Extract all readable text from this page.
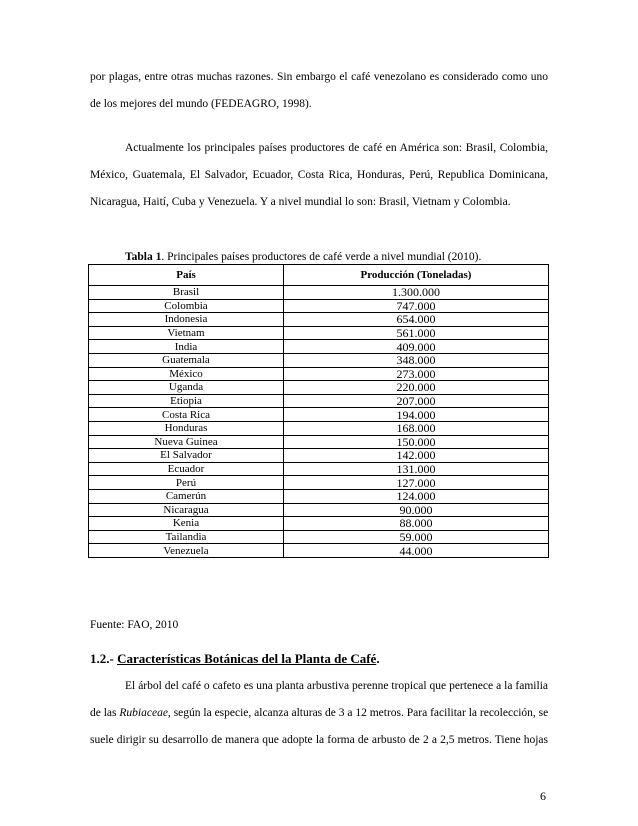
por plagas, entre otras muchas razones. Sin embargo el café venezolano es considerado como uno

de los mejores del mundo (FEDEAGRO, 1998).

Actualmente los principales países productores de café en América son: Brasil, Colombia,

México, Guatemala, El Salvador, Ecuador, Costa Rica, Honduras, Perú, Republica Dominicana,

Nicaragua, Haití, Cuba y Venezuela. Y a nivel mundial lo son: Brasil, Vietnam y Colombia.

Tabla 1. Principales países productores de café verde a nivel mundial (2010).
País	Producción (Toneladas)
Brasil	1.300.000
Colombia	747.000
Indonesia	654.000
Vietnam	561.000
India	409.000
Guatemala	348.000
México	273.000
Uganda	220.000
Etiopia	207.000
Costa Rica	194.000
Honduras	168.000
Nueva Guinea	150.000
El Salvador	142.000
Ecuador	131.000
Perú	127.000
Camerún	124.000
Nicaragua	90.000
Kenia	88.000
Tailandia	59.000
Venezuela	44.000
Fuente: FAO, 2010
1.2.- Características Botánicas del la Planta de Café.

El árbol del café o cafeto es una planta arbustiva perenne tropical que pertenece a la familia

de las Rubiaceae, según la especie, alcanza alturas de 3 a 12 metros. Para facilitar la recolección, se

suele dirigir su desarrollo de manera que adopte la forma de arbusto de 2 a 2,5 metros. Tiene hojas

6
